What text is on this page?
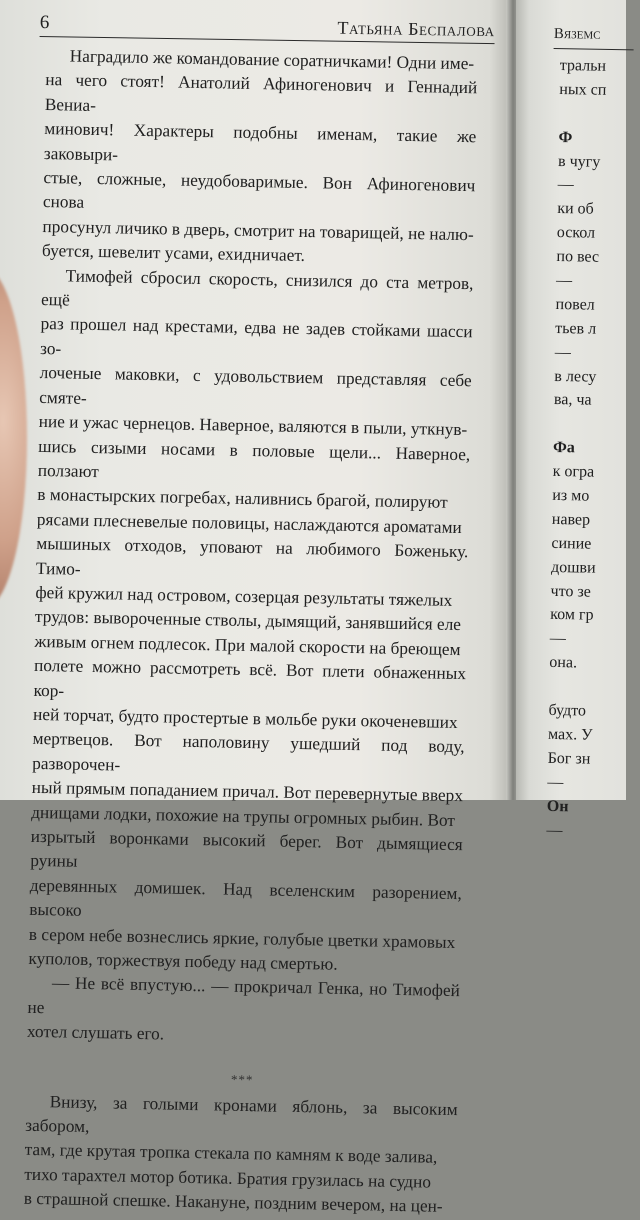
6	Татьяна Беспалова

Наградило же командование соратничками! Одни име-
на чего стоят! Анатолий Афиногенович и Геннадий Вениа-
минович! Характеры подобны именам, такие же заковыри-
стые, сложные, неудобоваримые. Вон Афиногенович снова
просунул личико в дверь, смотрит на товарищей, не налю-
буется, шевелит усами, ехидничает.

Тимофей сбросил скорость, снизился до ста метров, ещё
раз прошел над крестами, едва не задев стойками шасси зо-
лоченые маковки, с удовольствием представляя себе смяте-
ние и ужас чернецов. Наверное, валяются в пыли, уткнув-
шись сизыми носами в половые щели... Наверное, ползают
в монастырских погребах, наливнись брагой, полируют
рясами плесневелые половицы, наслаждаются ароматами
мышиных отходов, уповают на любимого Боженьку. Тимо-
фей кружил над островом, созерцая результаты тяжелых
трудов: вывороченные стволы, дымящий, занявшийся еле
живым огнем подлесок. При малой скорости на бреющем
полете можно рассмотреть всё. Вот плети обнаженных кор-
ней торчат, будто простертые в мольбе руки окоченевших
мертвецов. Вот наполовину ушедший под воду, разворочен-
ный прямым попаданием причал. Вот перевернутые вверх
днищами лодки, похожие на трупы огромных рыбин. Вот
изрытый воронками высокий берег. Вот дымящиеся руины
деревянных домишек. Над вселенским разорением, высоко
в сером небе вознеслись яркие, голубые цветки храмовых
куполов, торжествуя победу над смертью.

— Не всё впустую... — прокричал Генка, но Тимофей не
хотел слушать его.

***

Внизу, за голыми кронами яблонь, за высоким забором,
там, где крутая тропка стекала по камням к воде залива,
тихо тарахтел мотор ботика. Братия грузилась на судно
в страшной спешке. Накануне, поздним вечером, на цен-

Вяземс
тральн
ных сп
Ф
в чугу
—
ки об
оскол
по вес
—
повел
тьев л
—
в лесу
ва, ча
Фа
к огра
из мо
навер
синие
дошви
что зе
ком гр
—
она.
будто
мах. У
Бог зн
—
Он
—
